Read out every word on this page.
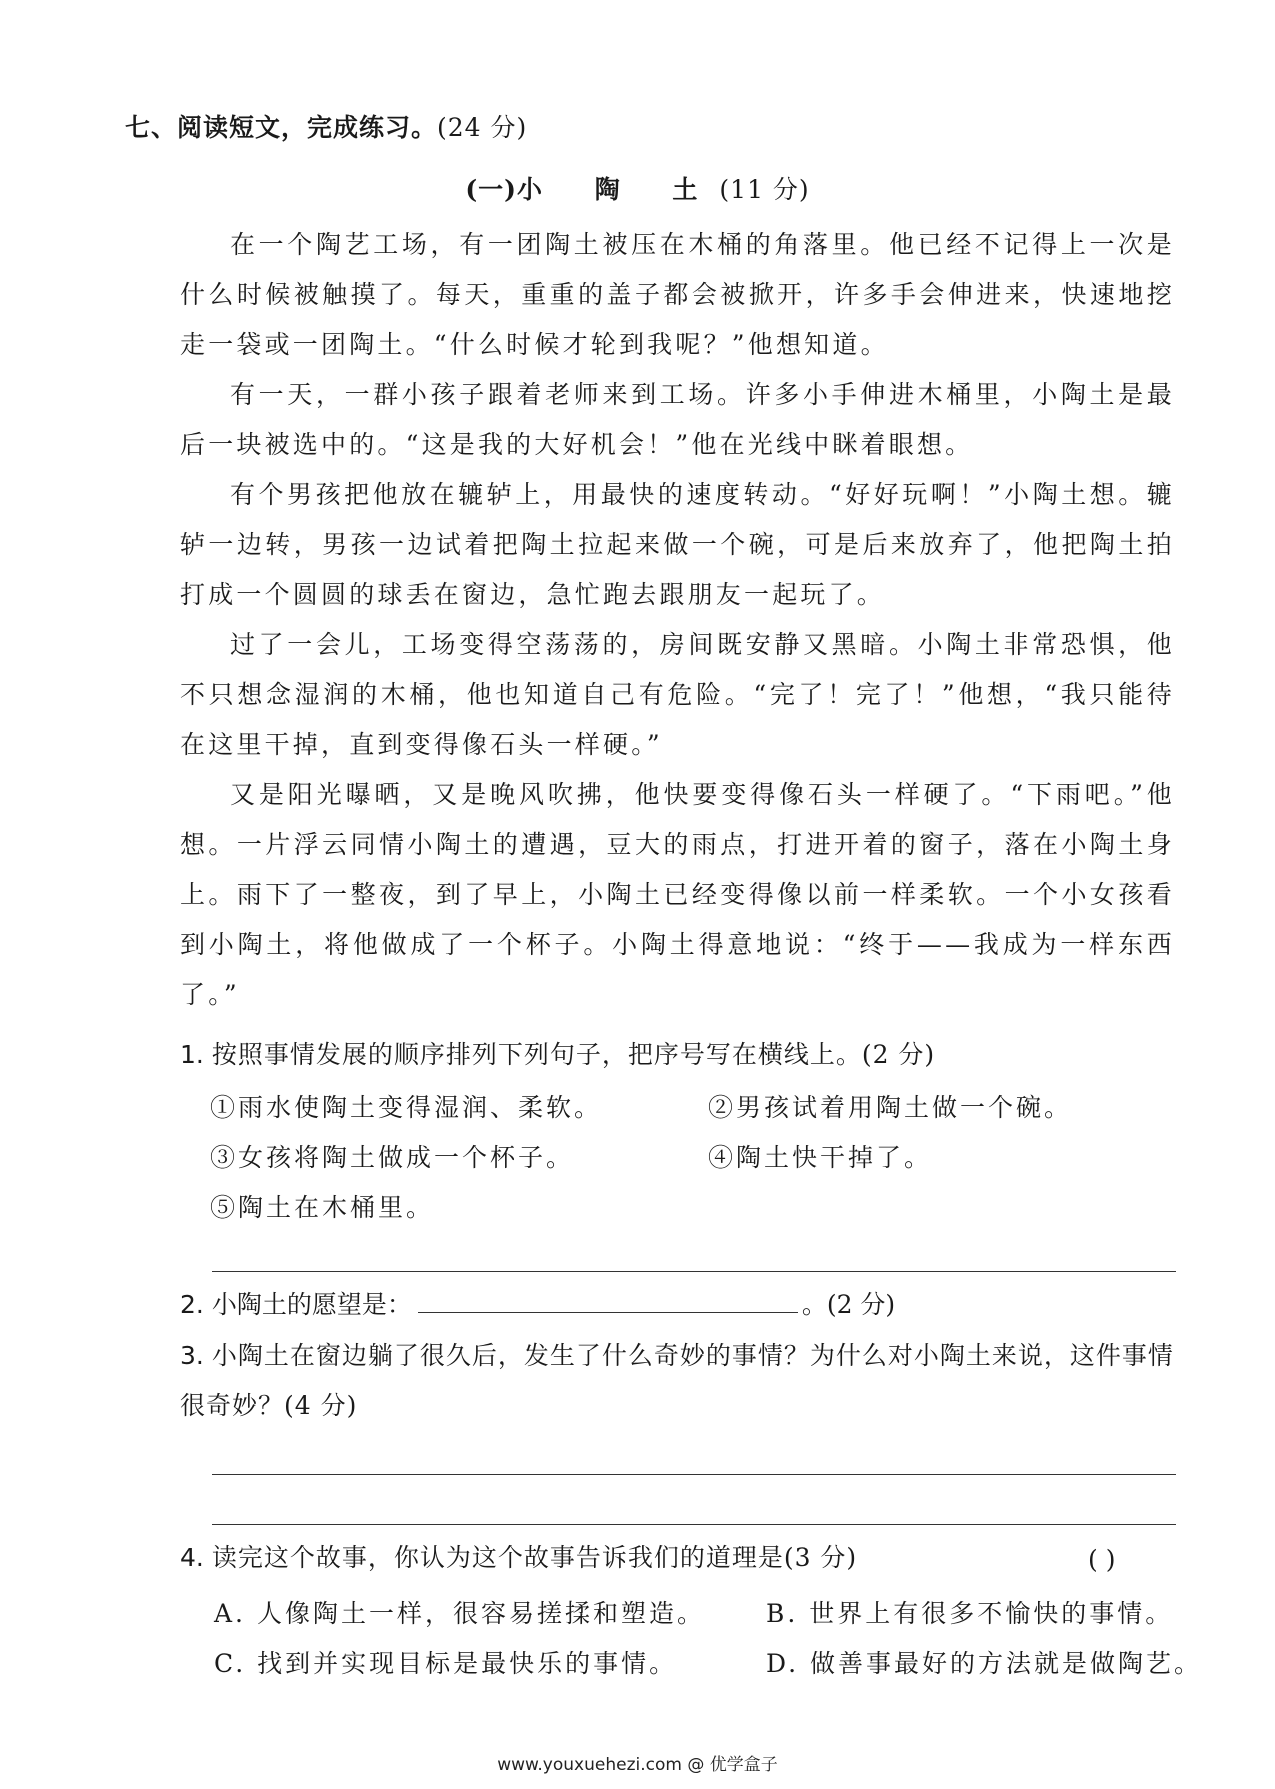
七、阅读短文，完成练习。(24 分)
(一)小 陶 土(11 分)

在一个陶艺工场，有一团陶土被压在木桶的角落里。他已经不记得上一次是什么时候被触摸了。每天，重重的盖子都会被掀开，许多手会伸进来，快速地挖走一袋或一团陶土。“什么时候才轮到我呢？”他想知道。

有一天，一群小孩子跟着老师来到工场。许多小手伸进木桶里，小陶土是最后一块被选中的。“这是我的大好机会！”他在光线中眯着眼想。

有个男孩把他放在辘轳上，用最快的速度转动。“好好玩啊！”小陶土想。辘轳一边转，男孩一边试着把陶土拉起来做一个碗，可是后来放弃了，他把陶土拍打成一个圆圆的球丢在窗边，急忙跑去跟朋友一起玩了。

过了一会儿，工场变得空荡荡的，房间既安静又黑暗。小陶土非常恐惧，他不只想念湿润的木桶，他也知道自己有危险。“完了！完了！”他想，“我只能待在这里干掉，直到变得像石头一样硬。”

又是阳光曝晒，又是晚风吹拂，他快要变得像石头一样硬了。“下雨吧。”他想。一片浮云同情小陶土的遭遇，豆大的雨点，打进开着的窗子，落在小陶土身上。雨下了一整夜，到了早上，小陶土已经变得像以前一样柔软。一个小女孩看到小陶土，将他做成了一个杯子。小陶土得意地说：“终于——我成为一样东西了。”

1. 按照事情发展的顺序排列下列句子，把序号写在横线上。(2 分)
①雨水使陶土变得湿润、柔软。	②男孩试着用陶土做一个碗。
③女孩将陶土做成一个杯子。	④陶土快干掉了。
⑤陶土在木桶里。
2. 小陶土的愿望是：	。(2 分)
3. 小陶土在窗边躺了很久后，发生了什么奇妙的事情？为什么对小陶土来说，这件事情很奇妙？(4 分)
4. 读完这个故事，你认为这个故事告诉我们的道理是(3 分)	( )
A. 人像陶土一样，很容易搓揉和塑造。 B. 世界上有很多不愉快的事情。
C. 找到并实现目标是最快乐的事情。	D. 做善事最好的方法就是做陶艺。
www.youxuehezi.com @ 优学盒子
